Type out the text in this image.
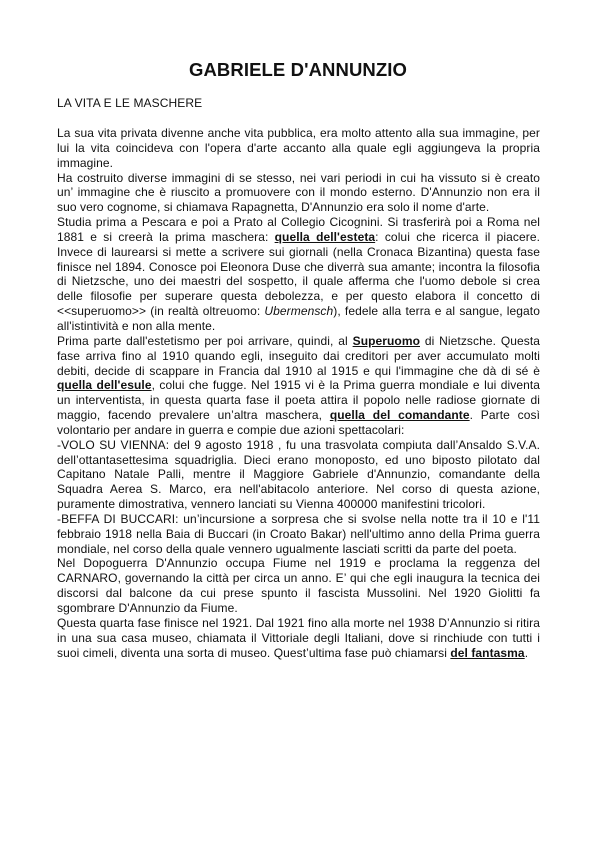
GABRIELE D'ANNUNZIO
LA VITA E LE MASCHERE

La sua vita privata divenne anche vita pubblica, era molto attento alla sua immagine, per lui la vita coincideva con l'opera d'arte accanto alla quale egli aggiungeva la propria immagine.

Ha costruito diverse immagini di se stesso, nei vari periodi in cui ha vissuto si è creato un’ immagine che è riuscito a promuovere con il mondo esterno. D'Annunzio non era il suo vero cognome, si chiamava Rapagnetta, D'Annunzio era solo il nome d'arte.

Studia prima a Pescara e poi a Prato al Collegio Cicognini. Si trasferirà poi a Roma nel 1881 e si creerà la prima maschera: quella dell'esteta: colui che ricerca il piacere. Invece di laurearsi si mette a scrivere sui giornali (nella Cronaca Bizantina) questa fase finisce nel 1894. Conosce poi Eleonora Duse che diverrà sua amante; incontra la filosofia di Nietzsche, uno dei maestri del sospetto, il quale afferma che l'uomo debole si crea delle filosofie per superare questa debolezza, e per questo elabora il concetto di <<superuomo>> (in realtà oltreuomo: Ubermensch), fedele alla terra e al sangue, legato all'istintività e non alla mente.

Prima parte dall'estetismo per poi arrivare, quindi, al Superuomo di Nietzsche. Questa fase arriva fino al 1910 quando egli, inseguito dai creditori per aver accumulato molti debiti, decide di scappare in Francia dal 1910 al 1915 e qui l'immagine che dà di sé è quella dell'esule, colui che fugge. Nel 1915 vi è la Prima guerra mondiale e lui diventa un interventista, in questa quarta fase il poeta attira il popolo nelle radiose giornate di maggio, facendo prevalere un’altra maschera, quella del comandante. Parte così volontario per andare in guerra e compie due azioni spettacolari:

-VOLO SU VIENNA: del 9 agosto 1918 , fu una trasvolata compiuta dall’Ansaldo S.V.A. dell’ottantasettesima squadriglia. Dieci erano monoposto, ed uno biposto pilotato dal Capitano Natale Palli, mentre il Maggiore Gabriele d'Annunzio, comandante della Squadra Aerea S. Marco, era nell'abitacolo anteriore. Nel corso di questa azione, puramente dimostrativa, vennero lanciati su Vienna 400000 manifestini tricolori.

-BEFFA DI BUCCARI: un’incursione a sorpresa che si svolse nella notte tra il 10 e l'11 febbraio 1918 nella Baia di Buccari (in Croato Bakar) nell'ultimo anno della Prima guerra mondiale, nel corso della quale vennero ugualmente lasciati scritti da parte del poeta.

Nel Dopoguerra D'Annunzio occupa Fiume nel 1919 e proclama la reggenza del CARNARO, governando la città per circa un anno. E’ qui che egli inaugura la tecnica dei discorsi dal balcone da cui prese spunto il fascista Mussolini. Nel 1920 Giolitti fa sgombrare D'Annunzio da Fiume.

Questa quarta fase finisce nel 1921. Dal 1921 fino alla morte nel 1938 D’Annunzio si ritira in una sua casa museo, chiamata il Vittoriale degli Italiani, dove si rinchiude con tutti i suoi cimeli, diventa una sorta di museo. Quest’ultima fase può chiamarsi del fantasma.
